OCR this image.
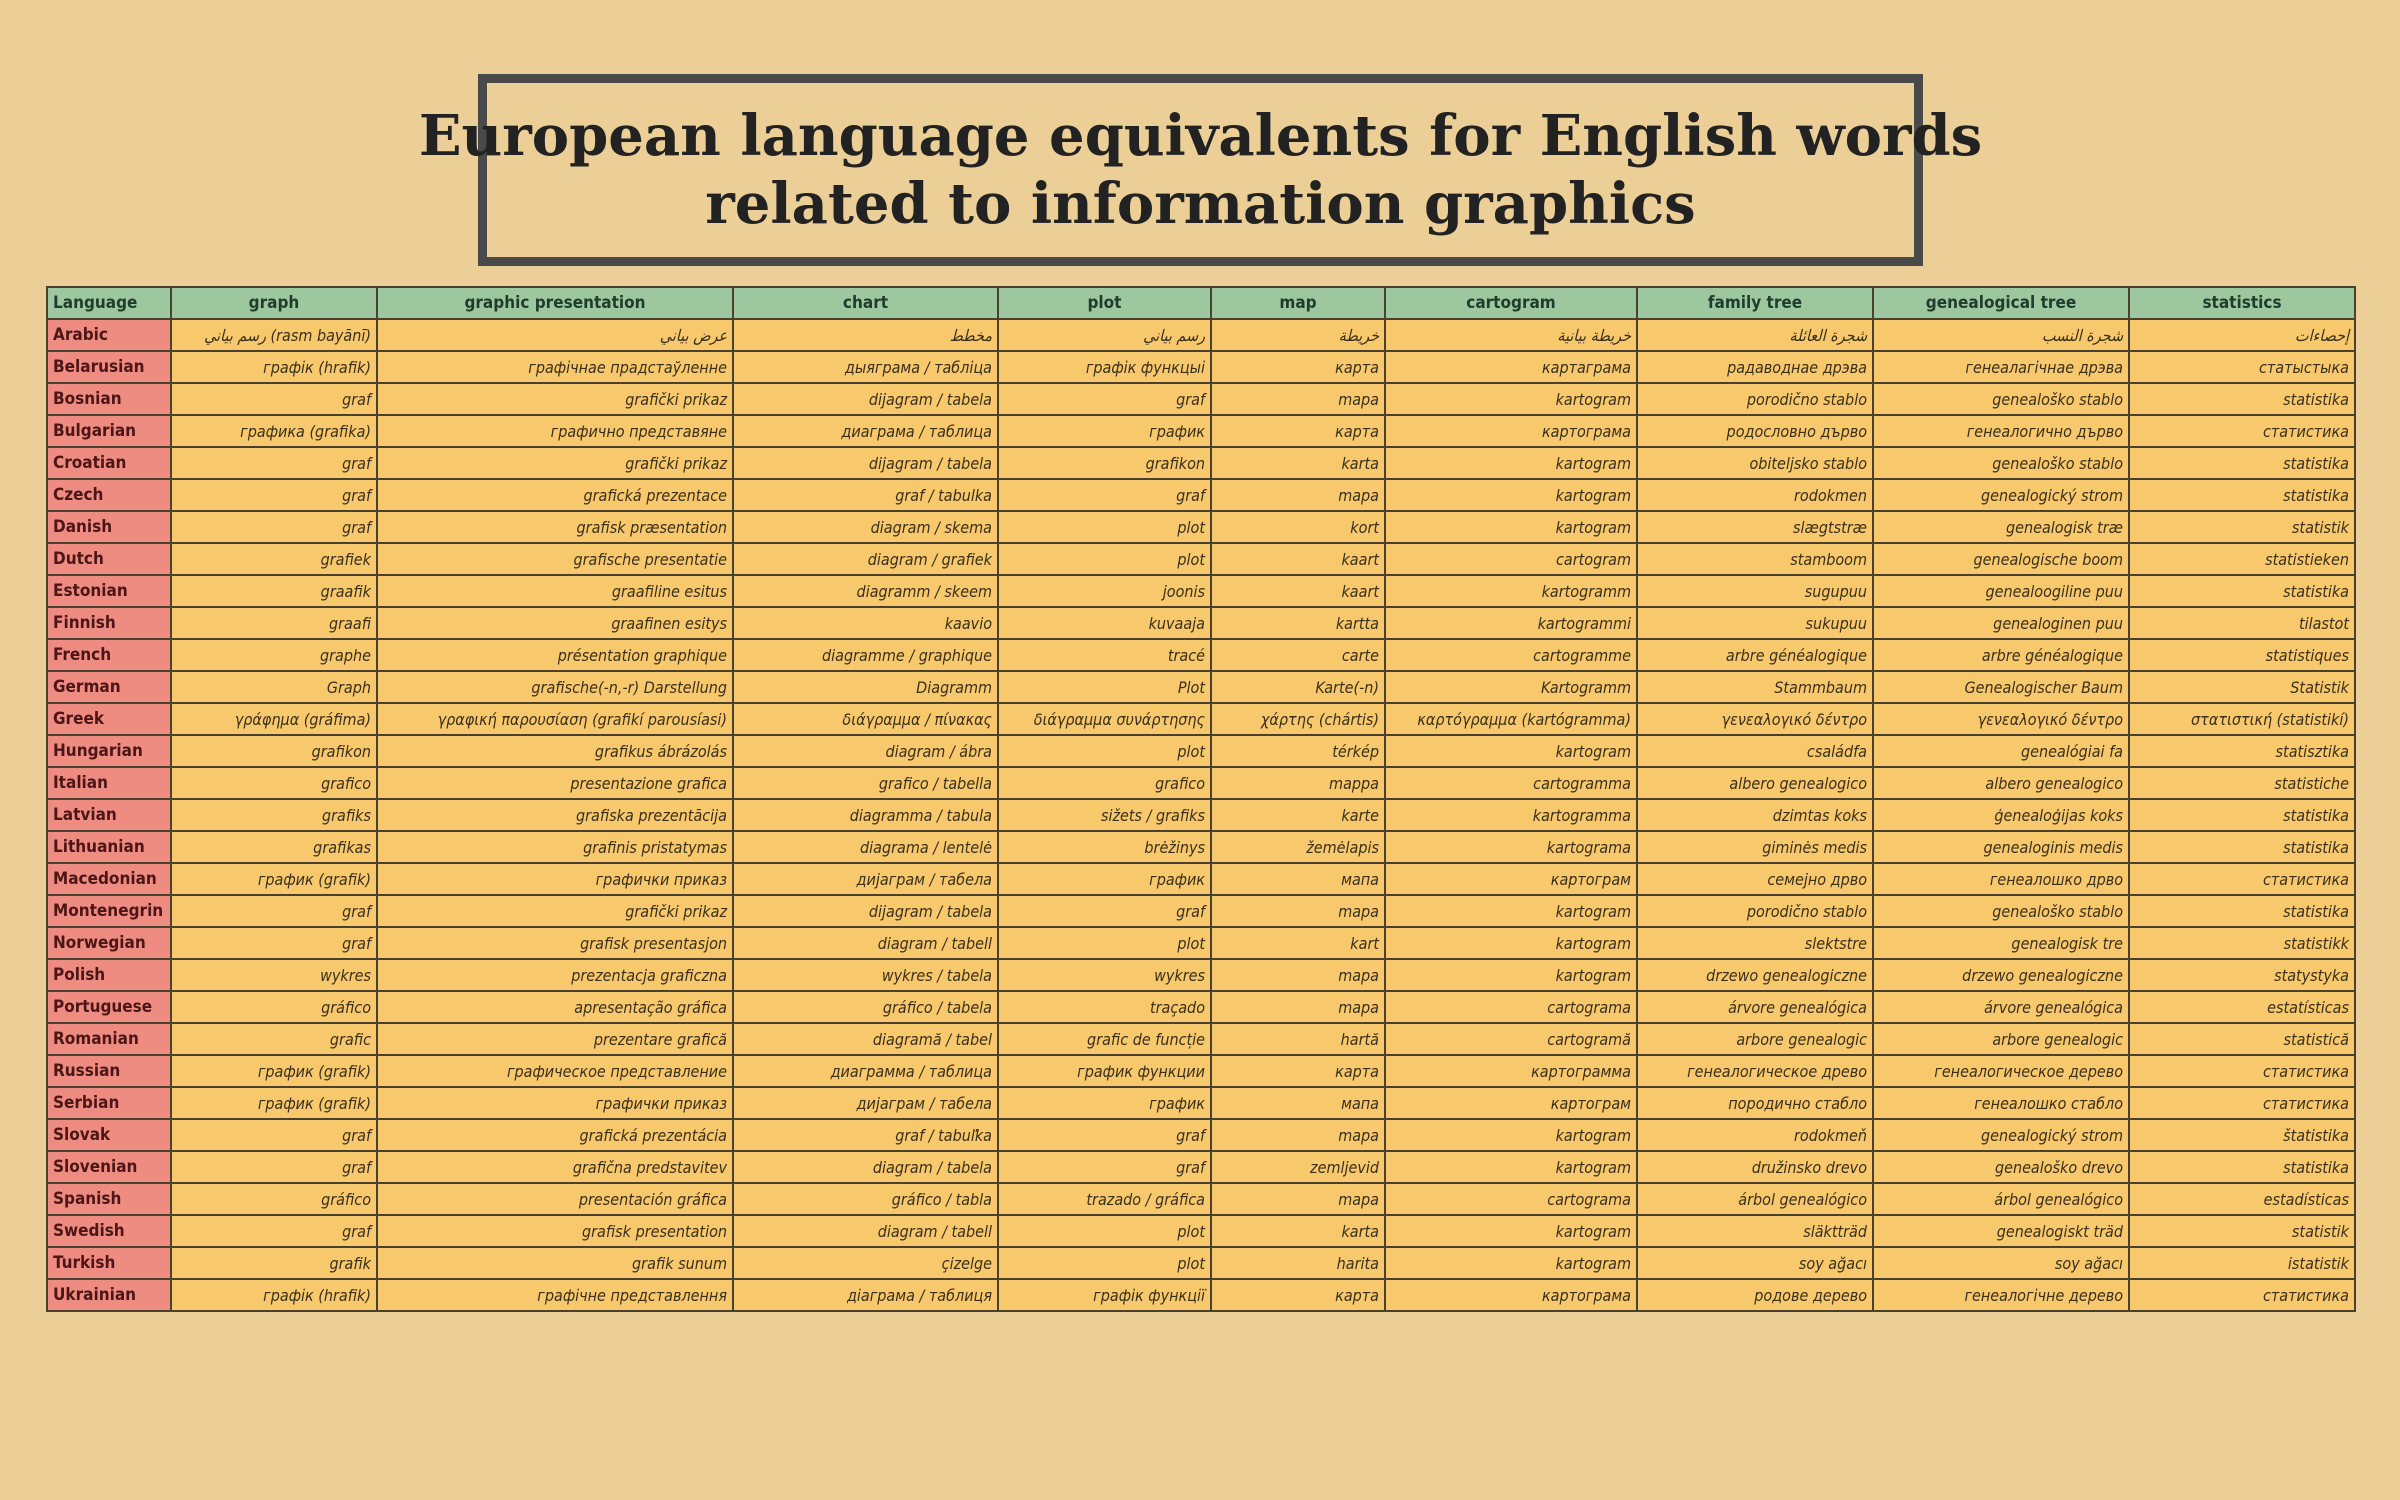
European language equivalents for English words
related to information graphics
Language	graph	graphic presentation	chart	plot	map	cartogram	family tree	genealogical tree	statistics
Arabic	رسم بياني (rasm bayānī)	عرض بياني	مخطط	رسم بياني	خريطة	خريطة بيانية	شجرة العائلة	شجرة النسب	إحصاءات
Belarusian	графік (hrafik)	графічнае прадстаўленне	дыяграма / табліца	графік функцыі	карта	картаграма	радаводнае дрэва	генеалагічнае дрэва	статыстыка
Bosnian	graf	grafički prikaz	dijagram / tabela	graf	mapa	kartogram	porodično stablo	genealoško stablo	statistika
Bulgarian	графика (grafika)	графично представяне	диаграма / таблица	график	карта	картограма	родословно дърво	генеалогично дърво	статистика
Croatian	graf	grafički prikaz	dijagram / tabela	grafikon	karta	kartogram	obiteljsko stablo	genealoško stablo	statistika
Czech	graf	grafická prezentace	graf / tabulka	graf	mapa	kartogram	rodokmen	genealogický strom	statistika
Danish	graf	grafisk præsentation	diagram / skema	plot	kort	kartogram	slægtstræ	genealogisk træ	statistik
Dutch	grafiek	grafische presentatie	diagram / grafiek	plot	kaart	cartogram	stamboom	genealogische boom	statistieken
Estonian	graafik	graafiline esitus	diagramm / skeem	joonis	kaart	kartogramm	sugupuu	genealoogiline puu	statistika
Finnish	graafi	graafinen esitys	kaavio	kuvaaja	kartta	kartogrammi	sukupuu	genealoginen puu	tilastot
French	graphe	présentation graphique	diagramme / graphique	tracé	carte	cartogramme	arbre généalogique	arbre généalogique	statistiques
German	Graph	grafische(-n,-r) Darstellung	Diagramm	Plot	Karte(-n)	Kartogramm	Stammbaum	Genealogischer Baum	Statistik
Greek	γράφημα (gráfima)	γραφική παρουσίαση (grafikí parousíasi)	διάγραμμα / πίνακας	διάγραμμα συνάρτησης	χάρτης (chártis)	καρτόγραμμα (kartógramma)	γενεαλογικό δέντρο	γενεαλογικό δέντρο	στατιστική (statistikí)
Hungarian	grafikon	grafikus ábrázolás	diagram / ábra	plot	térkép	kartogram	családfa	genealógiai fa	statisztika
Italian	grafico	presentazione grafica	grafico / tabella	grafico	mappa	cartogramma	albero genealogico	albero genealogico	statistiche
Latvian	grafiks	grafiska prezentācija	diagramma / tabula	sižets / grafiks	karte	kartogramma	dzimtas koks	ģenealoģijas koks	statistika
Lithuanian	grafikas	grafinis pristatymas	diagrama / lentelė	brėžinys	žemėlapis	kartograma	giminės medis	genealoginis medis	statistika
Macedonian	график (grafik)	графички приказ	дијаграм / табела	график	мапа	картограм	семејно дрво	генеалошко дрво	статистика
Montenegrin	graf	grafički prikaz	dijagram / tabela	graf	mapa	kartogram	porodično stablo	genealoško stablo	statistika
Norwegian	graf	grafisk presentasjon	diagram / tabell	plot	kart	kartogram	slektstre	genealogisk tre	statistikk
Polish	wykres	prezentacja graficzna	wykres / tabela	wykres	mapa	kartogram	drzewo genealogiczne	drzewo genealogiczne	statystyka
Portuguese	gráfico	apresentação gráfica	gráfico / tabela	traçado	mapa	cartograma	árvore genealógica	árvore genealógica	estatísticas
Romanian	grafic	prezentare grafică	diagramă / tabel	grafic de funcție	hartă	cartogramă	arbore genealogic	arbore genealogic	statistică
Russian	график (grafik)	графическое представление	диаграмма / таблица	график функции	карта	картограмма	генеалогическое древо	генеалогическое дерево	статистика
Serbian	график (grafik)	графички приказ	дијаграм / табела	график	мапа	картограм	породично стабло	генеалошко стабло	статистика
Slovak	graf	grafická prezentácia	graf / tabuľka	graf	mapa	kartogram	rodokmeň	genealogický strom	štatistika
Slovenian	graf	grafična predstavitev	diagram / tabela	graf	zemljevid	kartogram	družinsko drevo	genealoško drevo	statistika
Spanish	gráfico	presentación gráfica	gráfico / tabla	trazado / gráfica	mapa	cartograma	árbol genealógico	árbol genealógico	estadísticas
Swedish	graf	grafisk presentation	diagram / tabell	plot	karta	kartogram	släktträd	genealogiskt träd	statistik
Turkish	grafik	grafik sunum	çizelge	plot	harita	kartogram	soy ağacı	soy ağacı	istatistik
Ukrainian	графік (hrafik)	графічне представлення	діаграма / таблиця	графік функції	карта	картограма	родове дерево	генеалогічне дерево	статистика
